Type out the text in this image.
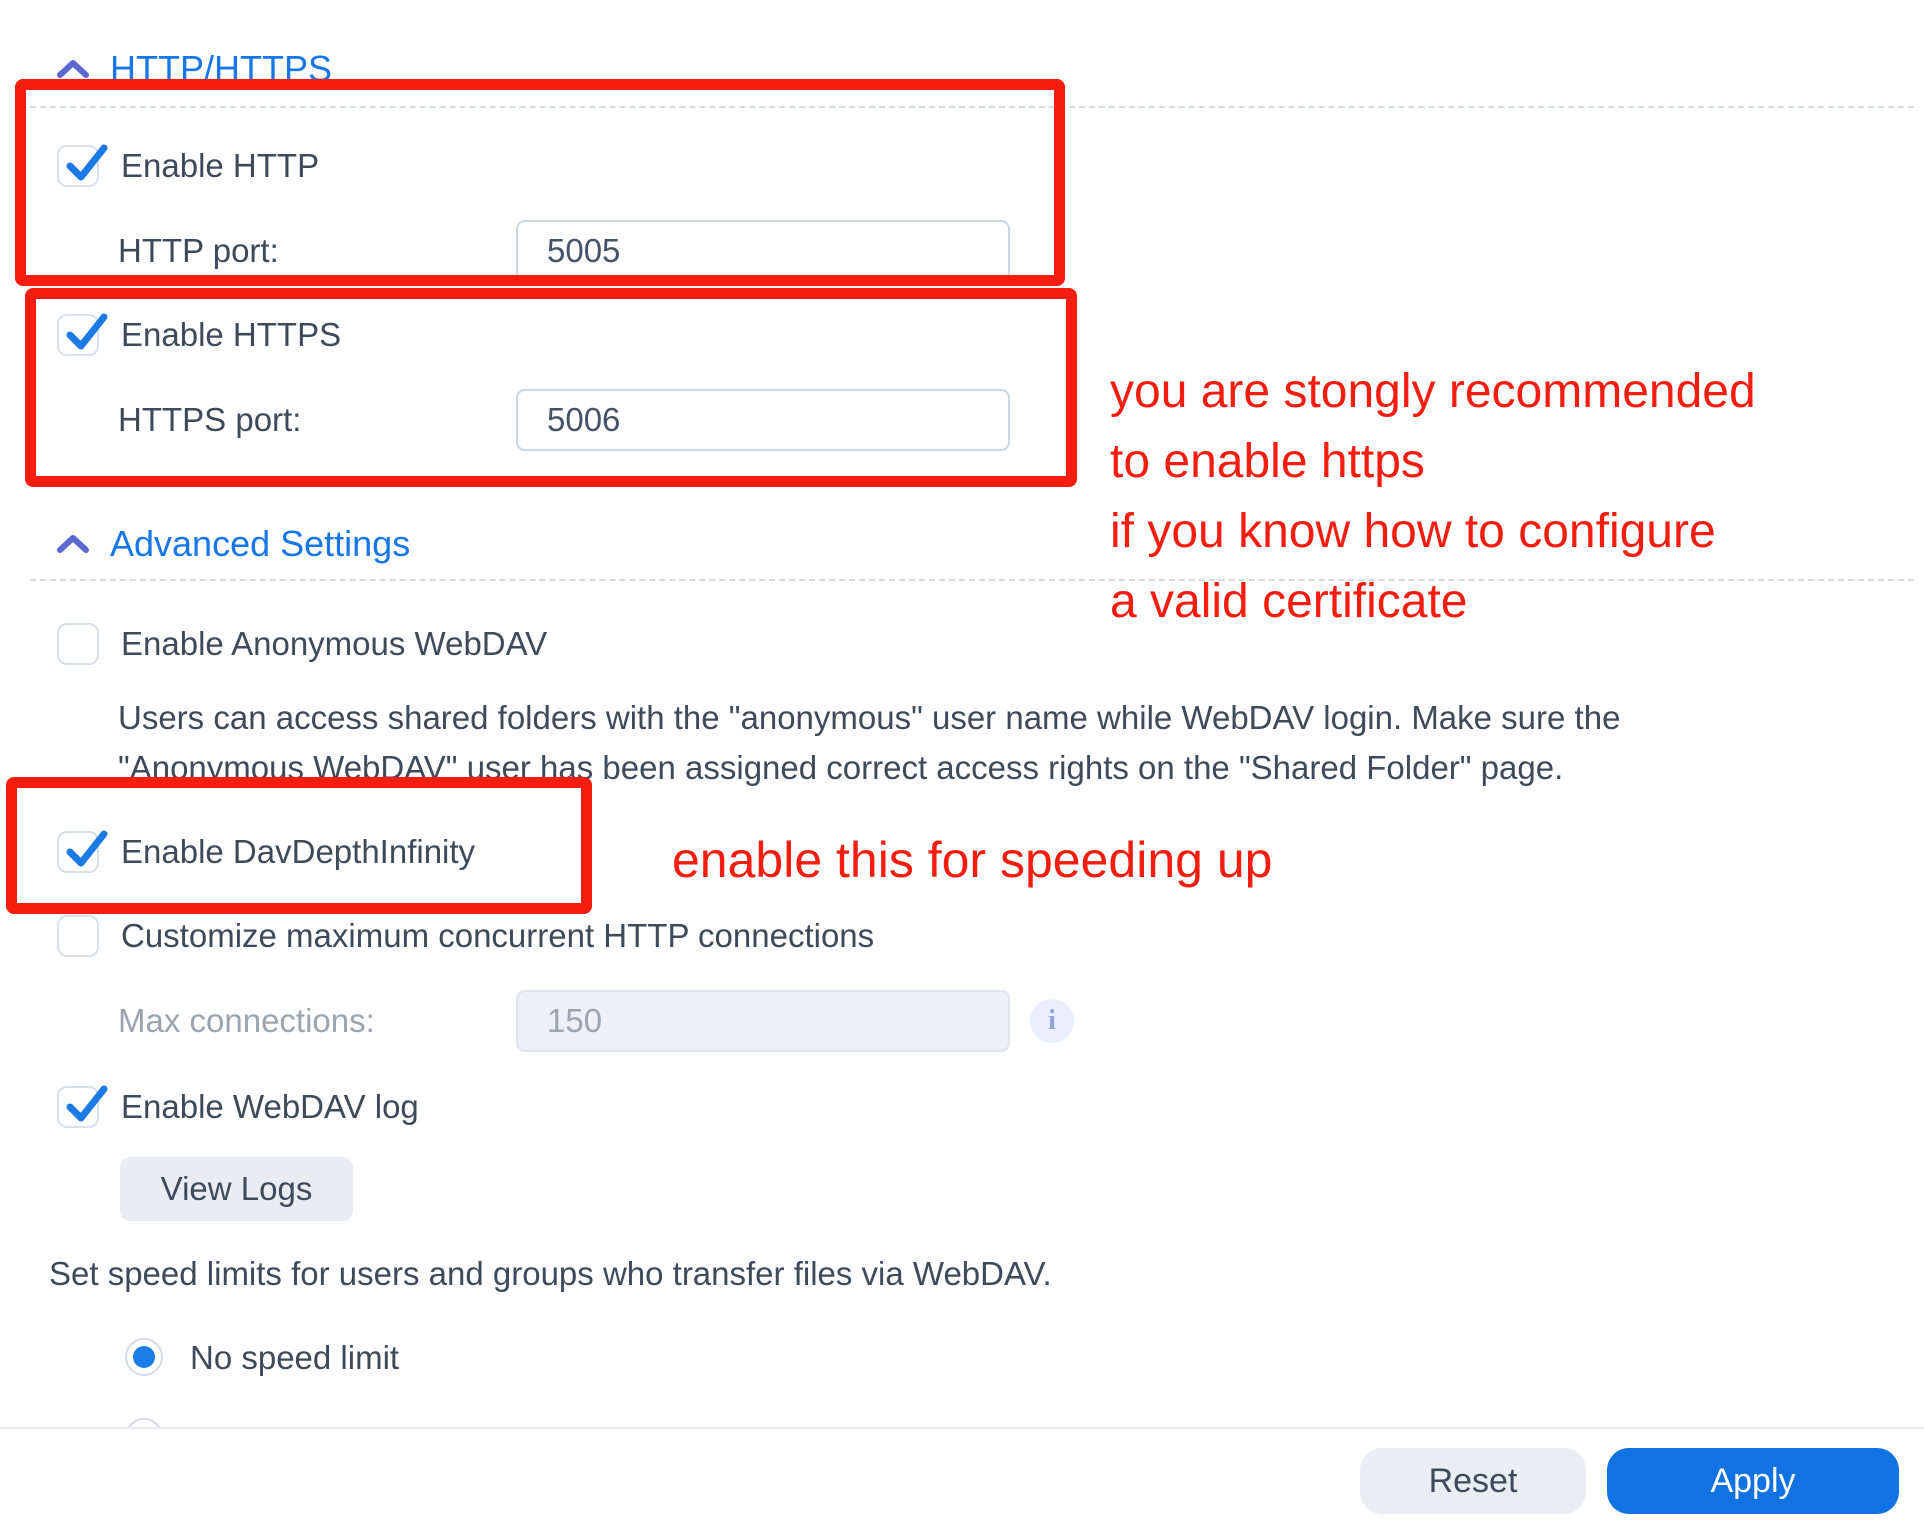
HTTP/HTTPS
Enable HTTP
HTTP port:
5005
Enable HTTPS
HTTPS port:
5006
you are stongly recommended
to enable https
if you know how to configure
a valid certificate
Advanced Settings
Enable Anonymous WebDAV
Users can access shared folders with the "anonymous" user name while WebDAV login. Make sure the
"Anonymous WebDAV" user has been assigned correct access rights on the "Shared Folder" page.
Enable DavDepthInfinity	enable this for speeding up
Customize maximum concurrent HTTP connections
Max connections:
150	i
Enable WebDAV log
View Logs
Set speed limits for users and groups who transfer files via WebDAV.
No speed limit
Reset	Apply
